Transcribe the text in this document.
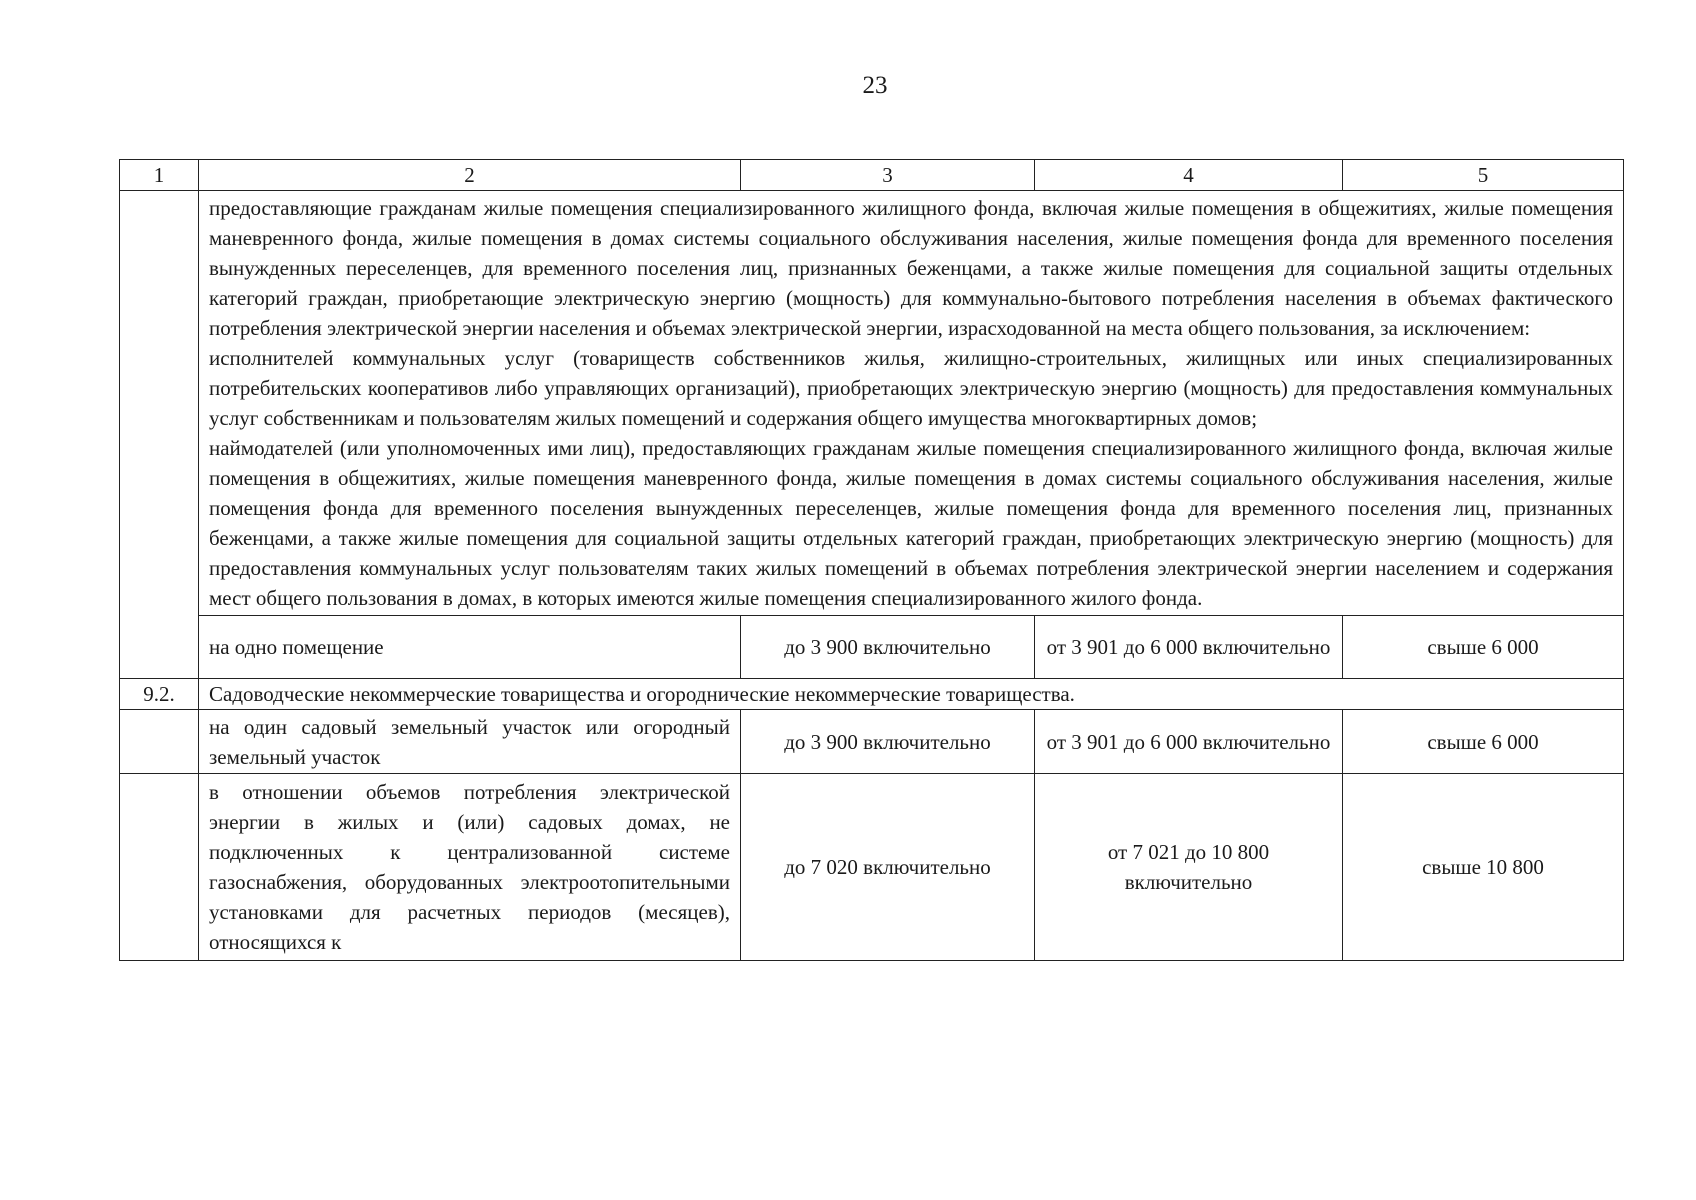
23
1	2	3	4	5

	предоставляющие гражданам жилые помещения специализированного жилищного фонда, включая жилые помещения в общежитиях, жилые помещения маневренного фонда, жилые помещения в домах системы социального обслуживания населения, жилые помещения фонда для временного поселения вынужденных переселенцев, для временного поселения лиц, признанных беженцами, а также жилые помещения для социальной защиты отдельных категорий граждан, приобретающие электрическую энергию (мощность) для коммунально-бытового потребления населения в объемах фактического потребления электрической энергии населения и объемах электрической энергии, израсходованной на места общего пользования, за исключением:
исполнителей коммунальных услуг (товариществ собственников жилья, жилищно-строительных, жилищных или иных специализированных потребительских кооперативов либо управляющих организаций), приобретающих электрическую энергию (мощность) для предоставления коммунальных услуг собственникам и пользователям жилых помещений и содержания общего имущества многоквартирных домов;
наймодателей (или уполномоченных ими лиц), предоставляющих гражданам жилые помещения специализированного жилищного фонда, включая жилые помещения в общежитиях, жилые помещения маневренного фонда, жилые помещения в домах системы социального обслуживания населения, жилые помещения фонда для временного поселения вынужденных переселенцев, жилые помещения фонда для временного поселения лиц, признанных беженцами, а также жилые помещения для социальной защиты отдельных категорий граждан, приобретающих электрическую энергию (мощность) для предоставления коммунальных услуг пользователям таких жилых помещений в объемах потребления электрической энергии населением и содержания мест общего пользования в домах, в которых имеются жилые помещения специализированного жилого фонда.			

	на одно помещение	до 3 900 включительно	от 3 901 до 6 000 включительно	свыше 6 000
9.2.	Садоводческие некоммерческие товарищества и огороднические некоммерческие товарищества.			
	на один садовый земельный участок или огородный земельный участок	до 3 900 включительно	от 3 901 до 6 000 включительно	свыше 6 000
	в отношении объемов потребления электрической энергии в жилых и (или) садовых домах, не подключенных к централизованной системе газоснабжения, оборудованных электроотопительными установками для расчетных периодов (месяцев), относящихся к	до 7 020 включительно	от 7 021 до 10 800 включительно	свыше 10 800
